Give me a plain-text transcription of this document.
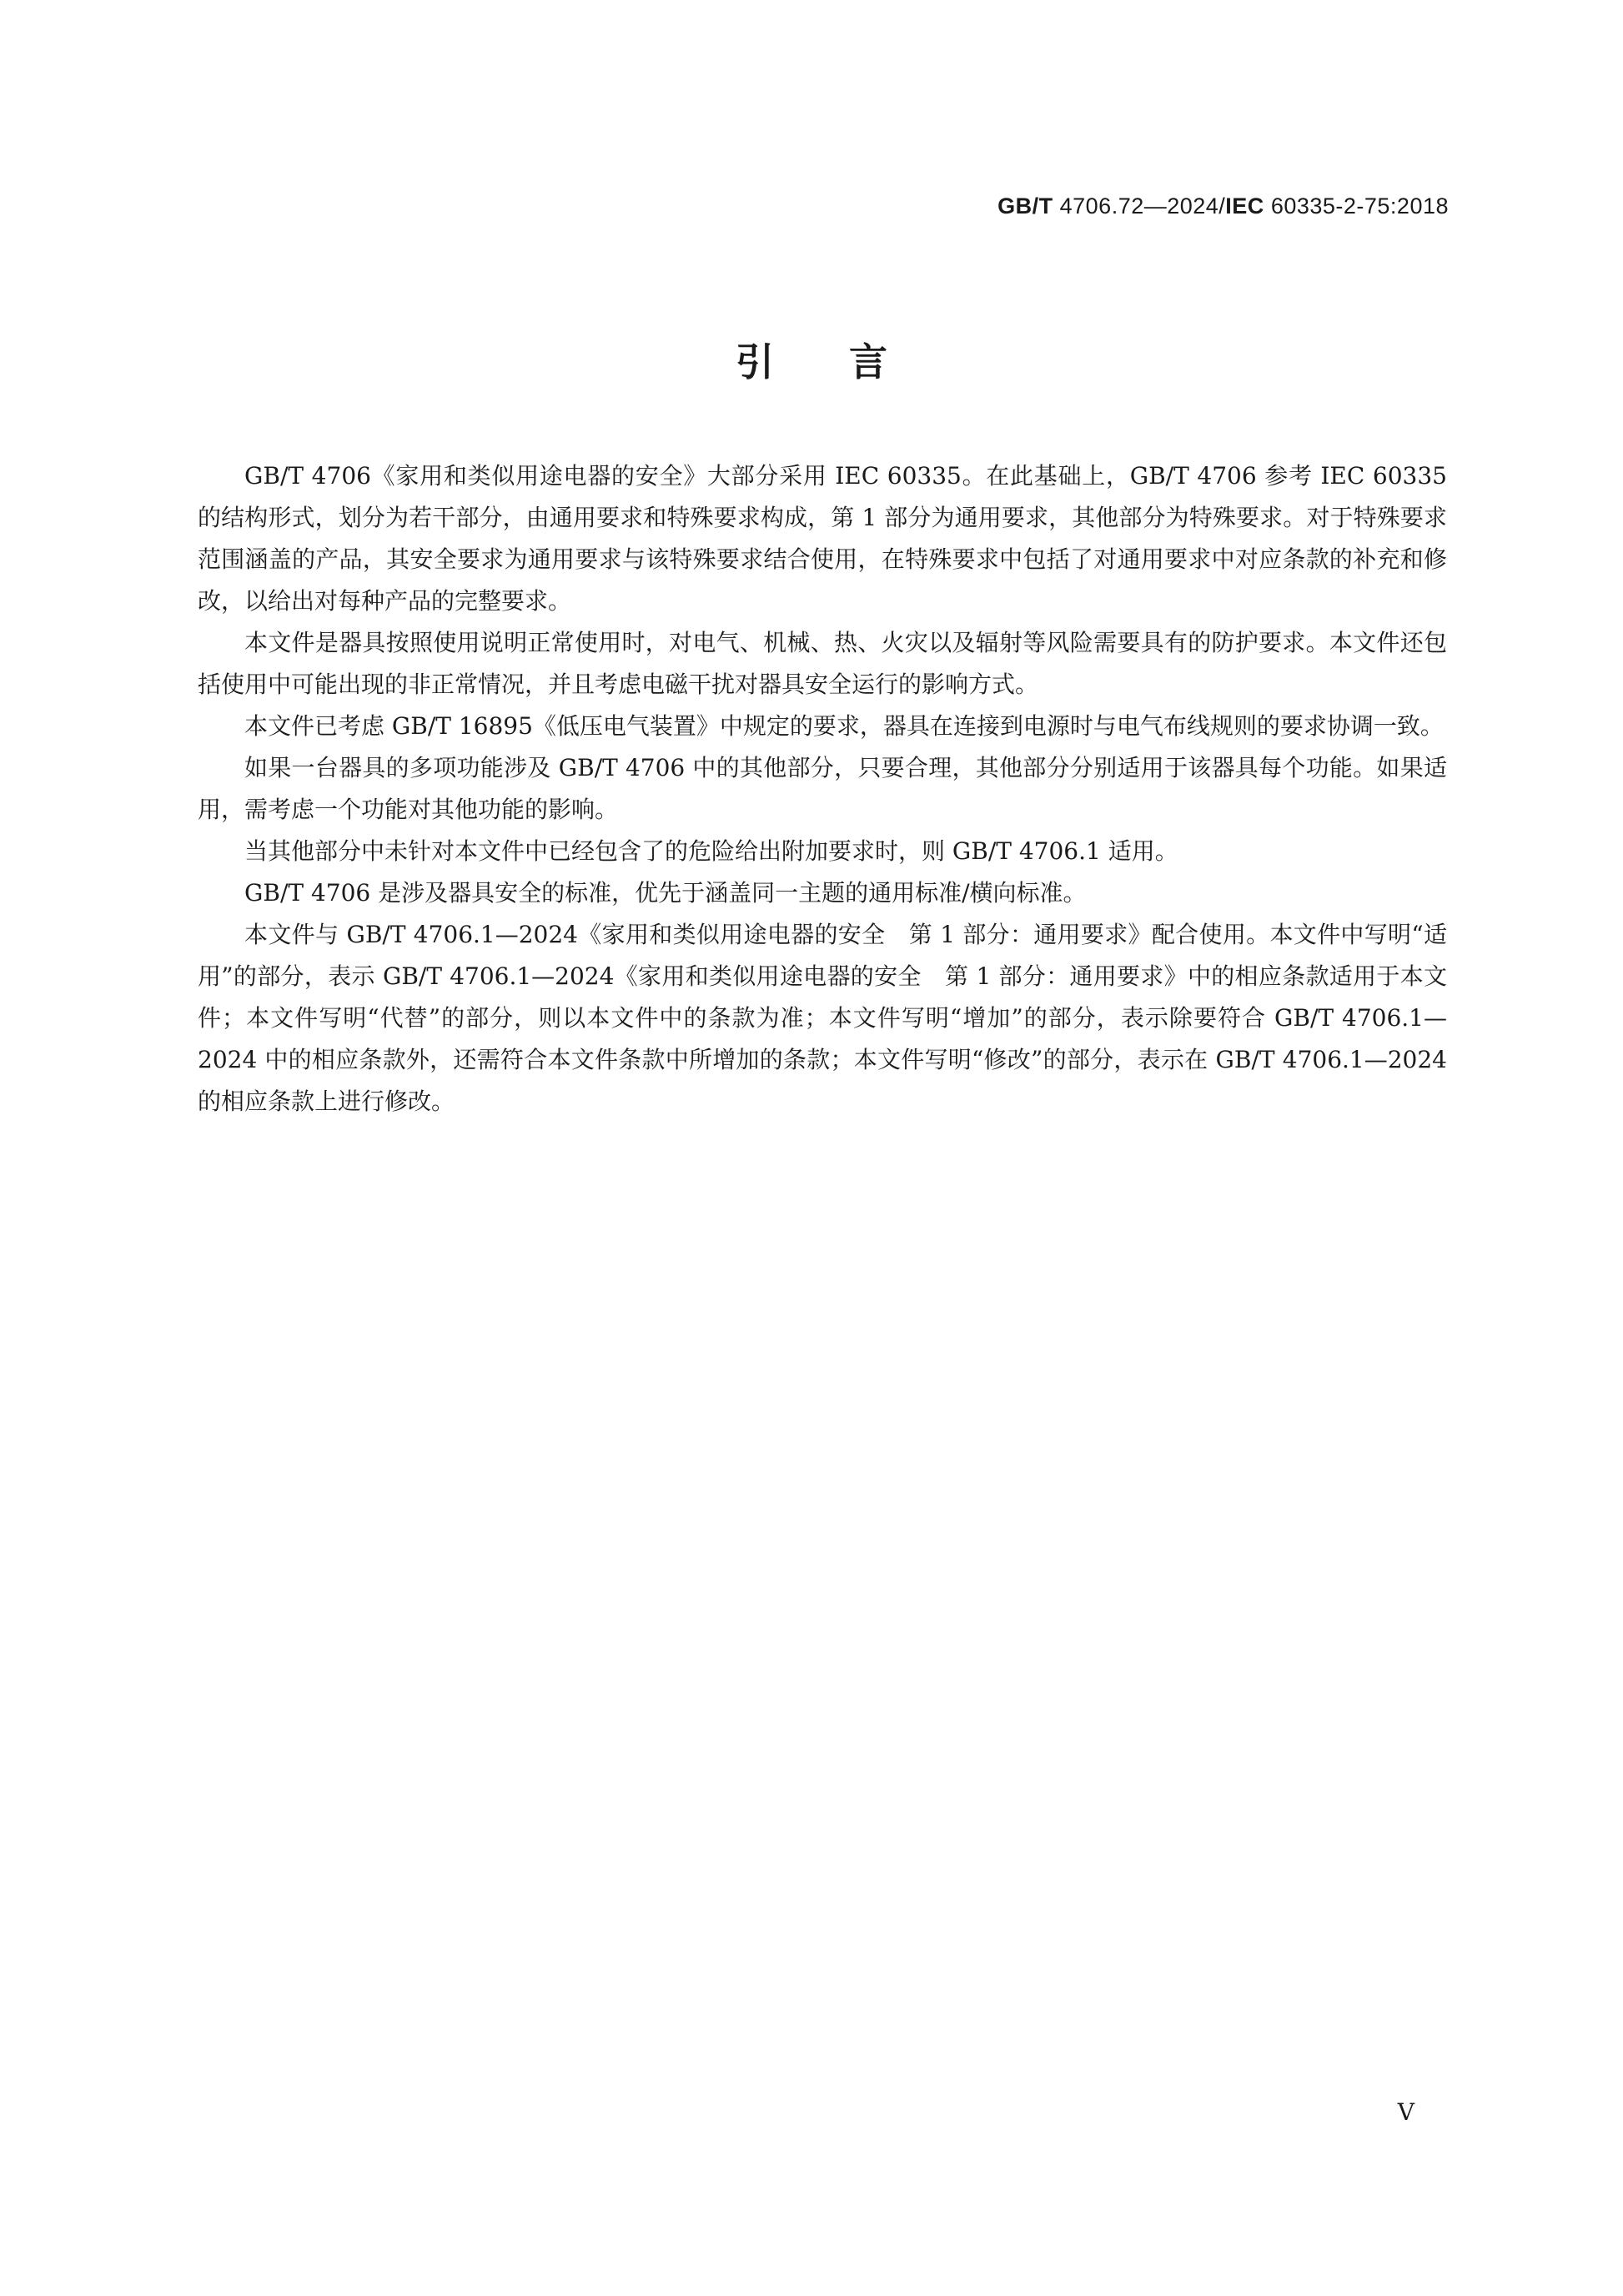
GB/T 4706.72—2024/IEC 60335-2-75:2018
引言

GB/T 4706《家用和类似用途电器的安全》大部分采用 IEC 60335。在此基础上，GB/T 4706 参考 IEC 60335 的结构形式，划分为若干部分，由通用要求和特殊要求构成，第 1 部分为通用要求，其他部分为特殊要求。对于特殊要求范围涵盖的产品，其安全要求为通用要求与该特殊要求结合使用，在特殊要求中包括了对通用要求中对应条款的补充和修改，以给出对每种产品的完整要求。

本文件是器具按照使用说明正常使用时，对电气、机械、热、火灾以及辐射等风险需要具有的防护要求。本文件还包括使用中可能出现的非正常情况，并且考虑电磁干扰对器具安全运行的影响方式。

本文件已考虑 GB/T 16895《低压电气装置》中规定的要求，器具在连接到电源时与电气布线规则的要求协调一致。

如果一台器具的多项功能涉及 GB/T 4706 中的其他部分，只要合理，其他部分分别适用于该器具每个功能。如果适用，需考虑一个功能对其他功能的影响。

当其他部分中未针对本文件中已经包含了的危险给出附加要求时，则 GB/T 4706.1 适用。

GB/T 4706 是涉及器具安全的标准，优先于涵盖同一主题的通用标准/横向标准。

本文件与 GB/T 4706.1—2024《家用和类似用途电器的安全　第 1 部分：通用要求》配合使用。本文件中写明“适用”的部分，表示 GB/T 4706.1—2024《家用和类似用途电器的安全　第 1 部分：通用要求》中的相应条款适用于本文件；本文件写明“代替”的部分，则以本文件中的条款为准；本文件写明“增加”的部分，表示除要符合 GB/T 4706.1—2024 中的相应条款外，还需符合本文件条款中所增加的条款；本文件写明“修改”的部分，表示在 GB/T 4706.1—2024 的相应条款上进行修改。

V
